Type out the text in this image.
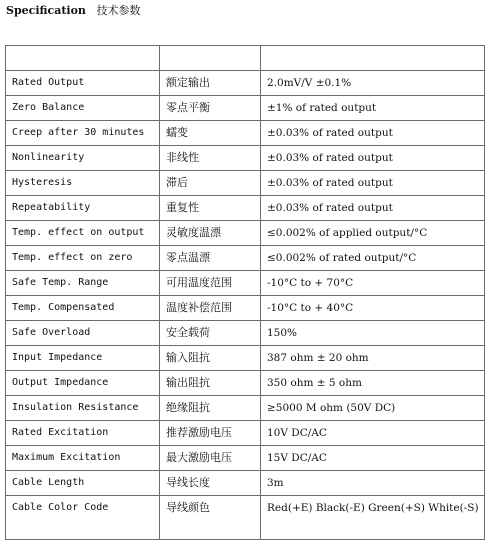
Specification 技术参数

Rated Output	额定输出	2.0mV/V ±0.1%
Zero Balance	零点平衡	±1% of rated output
Creep after 30 minutes	蠕变	±0.03% of rated output
Nonlinearity	非线性	±0.03% of rated output
Hysteresis	滞后	±0.03% of rated output
Repeatability	重复性	±0.03% of rated output
Temp. effect on output	灵敏度温漂	≤0.002% of applied output/°C
Temp. effect on zero	零点温漂	≤0.002% of rated output/°C
Safe Temp. Range	可用温度范围	-10°C to + 70°C
Temp. Compensated	温度补偿范围	-10°C to + 40°C
Safe Overload	安全载荷	150%
Input Impedance	输入阻抗	387 ohm ± 20 ohm
Output Impedance	输出阻抗	350 ohm ± 5 ohm
Insulation Resistance	绝缘阻抗	≥5000 M ohm (50V DC)
Rated Excitation	推荐激励电压	10V DC/AC
Maximum Excitation	最大激励电压	15V DC/AC
Cable Length	导线长度	3m
Cable Color Code	导线颜色	Red(+E) Black(-E) Green(+S) White(-S)
